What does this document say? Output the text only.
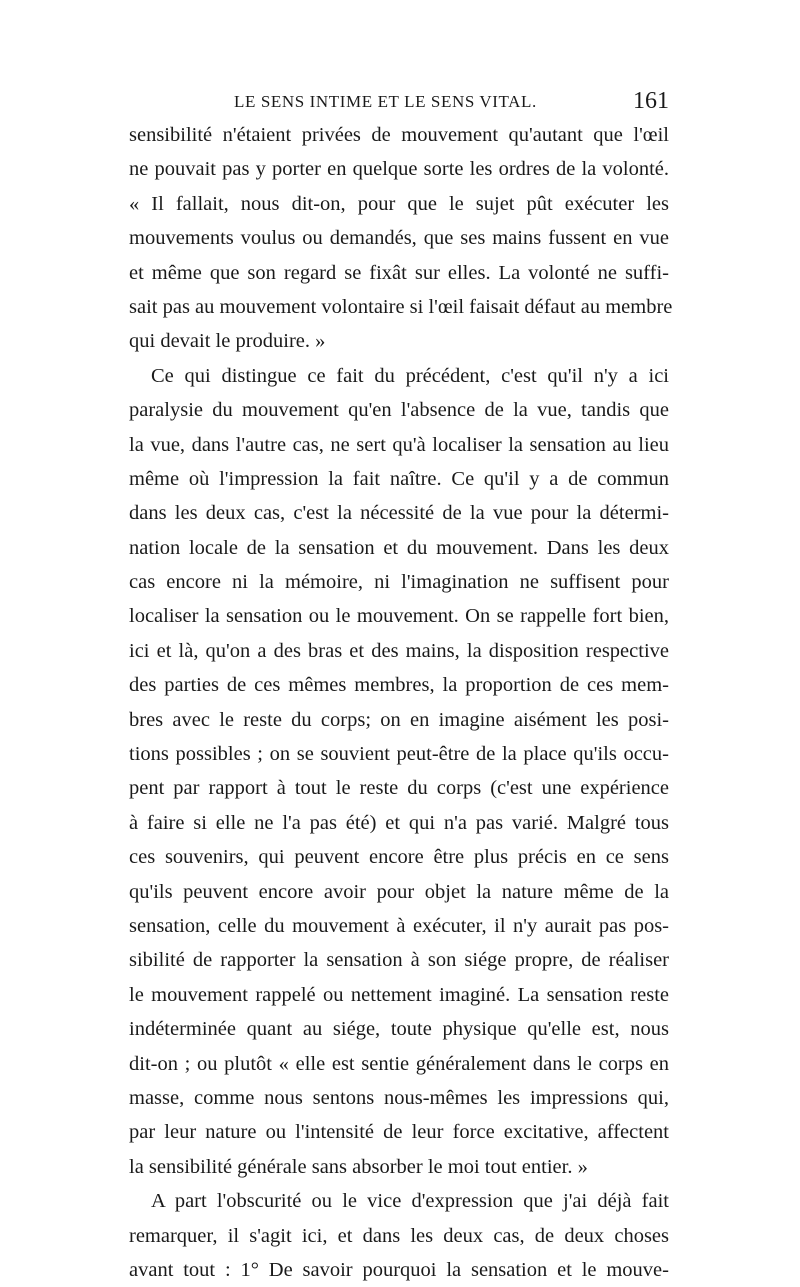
LE SENS INTIME ET LE SENS VITAL.	161
sensibilité n'étaient privées de mouvement qu'autant que l'œil
ne pouvait pas y porter en quelque sorte les ordres de la volonté.
« Il fallait, nous dit-on, pour que le sujet pût exécuter les
mouvements voulus ou demandés, que ses mains fussent en vue
et même que son regard se fixât sur elles. La volonté ne suffi-
sait pas au mouvement volontaire si l'œil faisait défaut au membre
qui devait le produire. »
Ce qui distingue ce fait du précédent, c'est qu'il n'y a ici
paralysie du mouvement qu'en l'absence de la vue, tandis que
la vue, dans l'autre cas, ne sert qu'à localiser la sensation au lieu
même où l'impression la fait naître. Ce qu'il y a de commun
dans les deux cas, c'est la nécessité de la vue pour la détermi-
nation locale de la sensation et du mouvement. Dans les deux
cas encore ni la mémoire, ni l'imagination ne suffisent pour
localiser la sensation ou le mouvement. On se rappelle fort bien,
ici et là, qu'on a des bras et des mains, la disposition respective
des parties de ces mêmes membres, la proportion de ces mem-
bres avec le reste du corps; on en imagine aisément les posi-
tions possibles ; on se souvient peut-être de la place qu'ils occu-
pent par rapport à tout le reste du corps (c'est une expérience
à faire si elle ne l'a pas été) et qui n'a pas varié. Malgré tous
ces souvenirs, qui peuvent encore être plus précis en ce sens
qu'ils peuvent encore avoir pour objet la nature même de la
sensation, celle du mouvement à exécuter, il n'y aurait pas pos-
sibilité de rapporter la sensation à son siége propre, de réaliser
le mouvement rappelé ou nettement imaginé. La sensation reste
indéterminée quant au siége, toute physique qu'elle est, nous
dit-on ; ou plutôt « elle est sentie généralement dans le corps en
masse, comme nous sentons nous-mêmes les impressions qui,
par leur nature ou l'intensité de leur force excitative, affectent
la sensibilité générale sans absorber le moi tout entier. »
A part l'obscurité ou le vice d'expression que j'ai déjà fait
remarquer, il s'agit ici, et dans les deux cas, de deux choses
avant tout : 1° De savoir pourquoi la sensation et le mouve-
